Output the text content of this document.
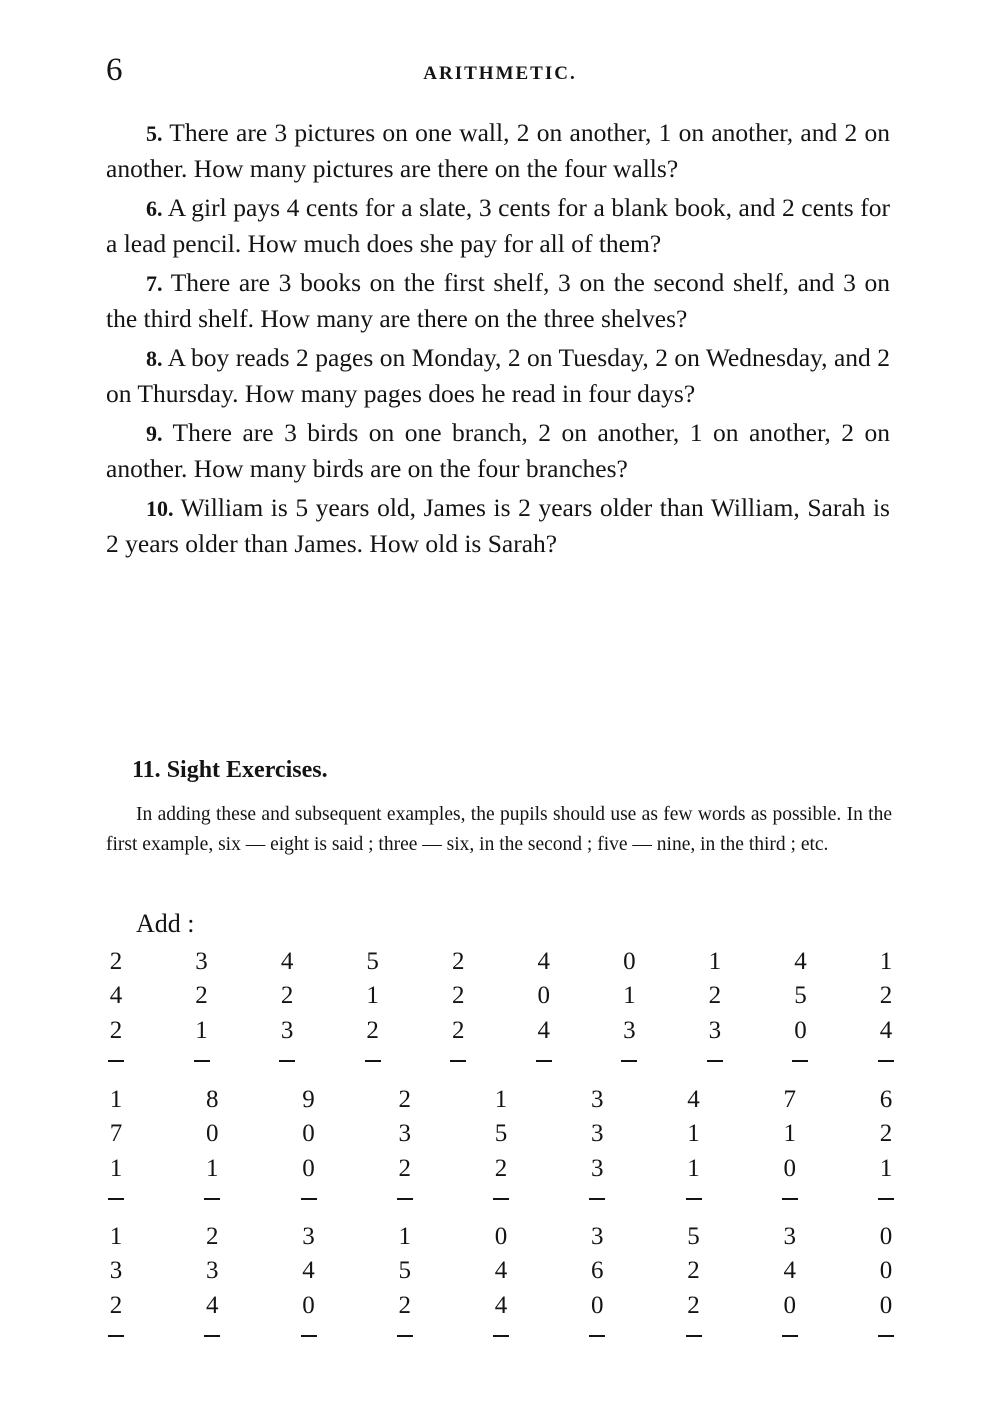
6	ARITHMETIC.

5. There are 3 pictures on one wall, 2 on another, 1 on another, and 2 on another. How many pictures are there on the four walls?

6. A girl pays 4 cents for a slate, 3 cents for a blank book, and 2 cents for a lead pencil. How much does she pay for all of them?

7. There are 3 books on the first shelf, 3 on the second shelf, and 3 on the third shelf. How many are there on the three shelves?

8. A boy reads 2 pages on Monday, 2 on Tuesday, 2 on Wednesday, and 2 on Thursday. How many pages does he read in four days?

9. There are 3 birds on one branch, 2 on another, 1 on another, 2 on another. How many birds are on the four branches?

10. William is 5 years old, James is 2 years older than William, Sarah is 2 years older than James. How old is Sarah?

11. Sight Exercises.
In adding these and subsequent examples, the pupils should use as few words as possible. In the first example, six — eight is said ; three — six, in the second ; five — nine, in the third ; etc.
Add :
2
4
2
3
2
1
4
2
3
5
1
2
2
2
2
4
0
4
0
1
3
1
2
3
4
5
0
1
2
4
1
7
1
8
0
1
9
0
0
2
3
2
1
5
2
3
3
3
4
1
1
7
1
0
6
2
1
1
3
2
2
3
4
3
4
0
1
5
2
0
4
4
3
6
0
5
2
2
3
4
0
0
0
0
